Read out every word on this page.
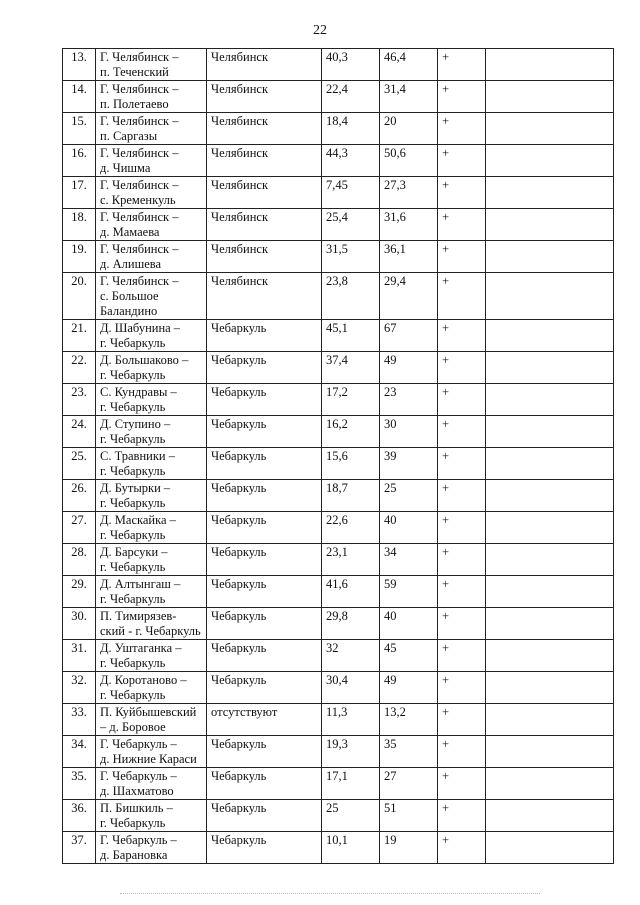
22
13.	Г. Челябинск –
п. Теченский	Челябинск	40,3	46,4	+	
14.	Г. Челябинск –
п. Полетаево	Челябинск	22,4	31,4	+	
15.	Г. Челябинск –
п. Саргазы	Челябинск	18,4	20	+	
16.	Г. Челябинск –
д. Чишма	Челябинск	44,3	50,6	+	
17.	Г. Челябинск –
с. Кременкуль	Челябинск	7,45	27,3	+	
18.	Г. Челябинск –
д. Мамаева	Челябинск	25,4	31,6	+	
19.	Г. Челябинск –
д. Алишева	Челябинск	31,5	36,1	+	
20.	Г. Челябинск –
с. Большое
Баландино	Челябинск	23,8	29,4	+	
21.	Д. Шабунина –
г. Чебаркуль	Чебаркуль	45,1	67	+	
22.	Д. Большаково –
г. Чебаркуль	Чебаркуль	37,4	49	+	
23.	С. Кундравы –
г. Чебаркуль	Чебаркуль	17,2	23	+	
24.	Д. Ступино –
г. Чебаркуль	Чебаркуль	16,2	30	+	
25.	С. Травники –
г. Чебаркуль	Чебаркуль	15,6	39	+	
26.	Д. Бутырки –
г. Чебаркуль	Чебаркуль	18,7	25	+	
27.	Д. Маскайка –
г. Чебаркуль	Чебаркуль	22,6	40	+	
28.	Д. Барсуки –
г. Чебаркуль	Чебаркуль	23,1	34	+	
29.	Д. Алтынгаш –
г. Чебаркуль	Чебаркуль	41,6	59	+	
30.	П. Тимирязев-
ский - г. Чебаркуль	Чебаркуль	29,8	40	+	
31.	Д. Уштаганка –
г. Чебаркуль	Чебаркуль	32	45	+	
32.	Д. Коротаново –
г. Чебаркуль	Чебаркуль	30,4	49	+	
33.	П. Куйбышевский
– д. Боровое	отсутствуют	11,3	13,2	+	
34.	Г. Чебаркуль –
д. Нижние Караси	Чебаркуль	19,3	35	+	
35.	Г. Чебаркуль –
д. Шахматово	Чебаркуль	17,1	27	+	
36.	П. Бишкиль –
г. Чебаркуль	Чебаркуль	25	51	+	
37.	Г. Чебаркуль –
д. Барановка	Чебаркуль	10,1	19	+	
